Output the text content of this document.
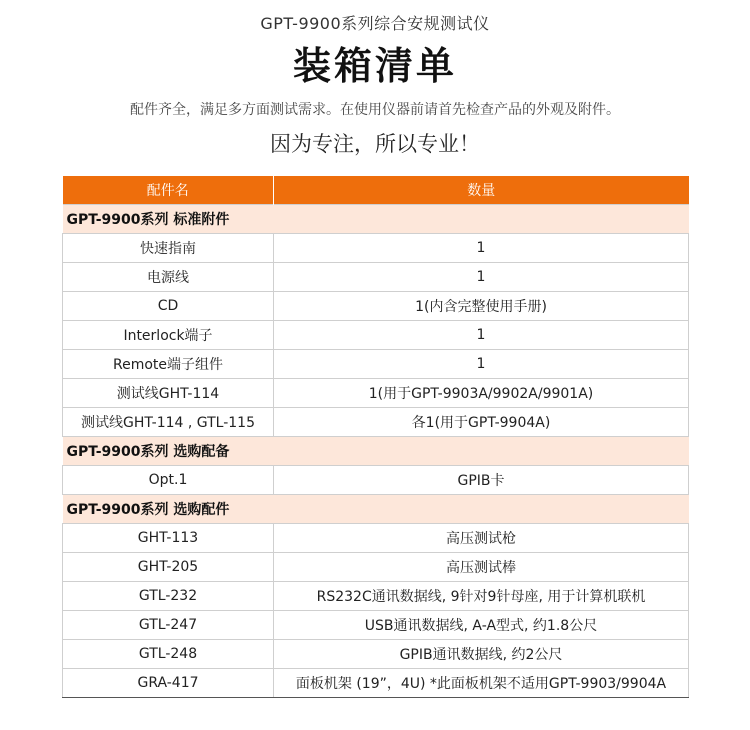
GPT-9900系列综合安规测试仪

装箱清单

配件齐全，满足多方面测试需求。在使用仪器前请首先检查产品的外观及附件。

因为专注，所以专业！

配件名	数量
GPT-9900系列 标准附件	
快速指南	1
电源线	1
CD	1(内含完整使用手册)
Interlock端子	1
Remote端子组件	1
测试线GHT-114	1(用于GPT-9903A/9902A/9901A)
测试线GHT-114 , GTL-115	各1(用于GPT-9904A)
GPT-9900系列 选购配备	
Opt.1	GPIB卡
GPT-9900系列 选购配件	
GHT-113	高压测试枪
GHT-205	高压测试棒
GTL-232	RS232C通讯数据线, 9针对9针母座, 用于计算机联机
GTL-247	USB通讯数据线, A-A型式, 约1.8公尺
GTL-248	GPIB通讯数据线, 约2公尺
GRA-417	面板机架 (19”，4U) *此面板机架不适用GPT-9903/9904A
